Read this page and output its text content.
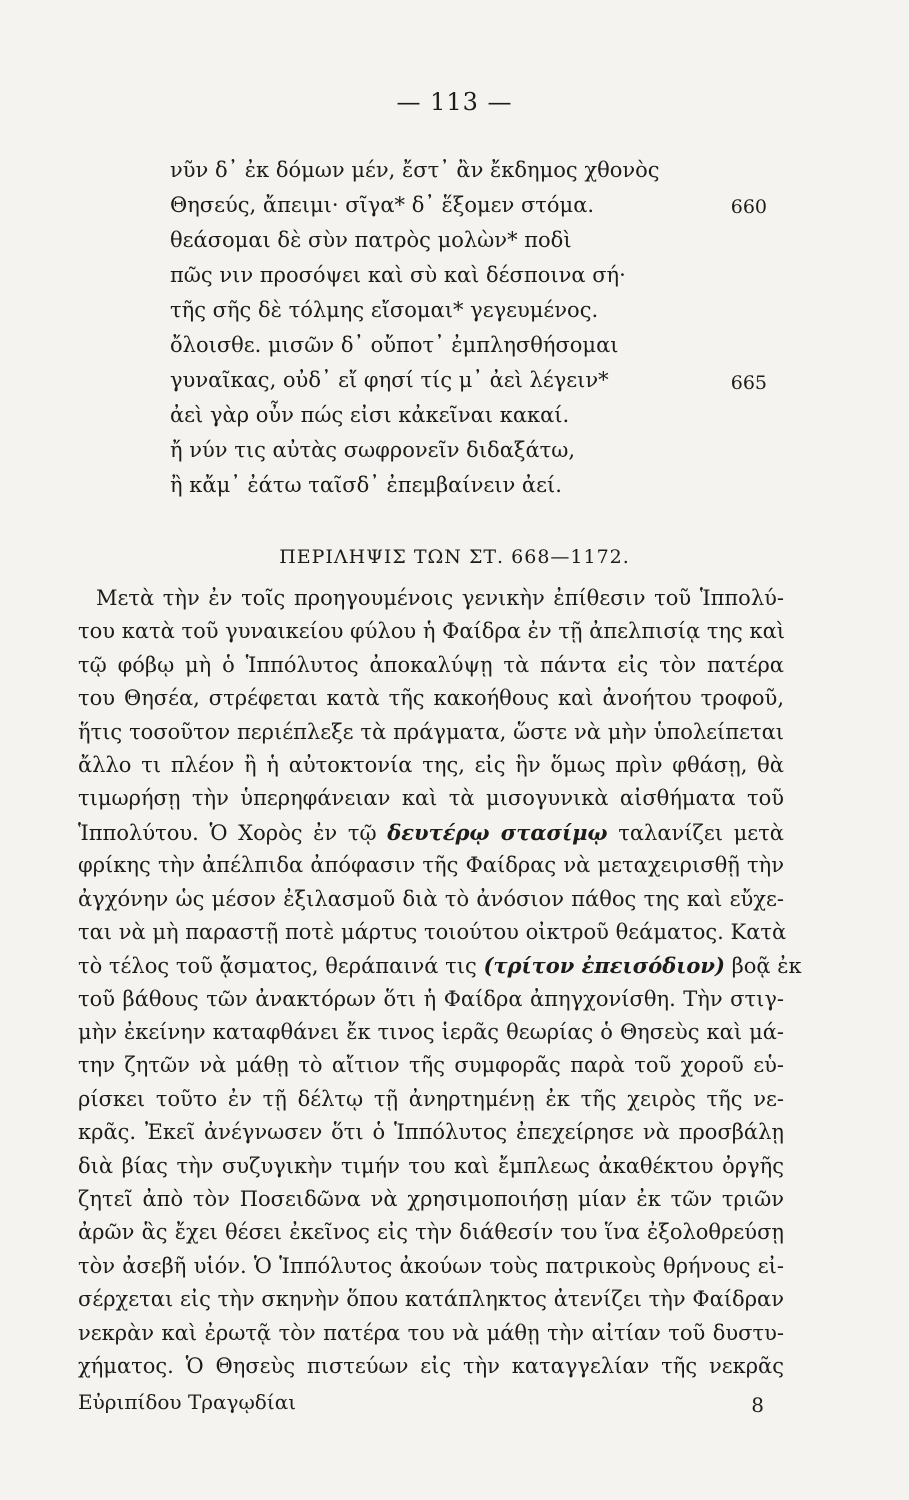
— 113 —
νῦν δ᾽ ἐκ δόμων μέν, ἔστ᾽ ἂν ἔκδημος χθονὸς
Θησεύς, ἄπειμι· σῖγα* δ᾽ ἕξομεν στόμα.
θεάσομαι δὲ σὺν πατρὸς μολὼν* ποδὶ
πῶς νιν προσόψει καὶ σὺ καὶ δέσποινα σή·
τῆς σῆς δὲ τόλμης εἴσομαι* γεγευμένος.
ὄλοισθε. μισῶν δ᾽ οὔποτ᾽ ἐμπλησθήσομαι
γυναῖκας, οὐδ᾽ εἴ φησί τίς μ᾽ ἀεὶ λέγειν*
ἀεὶ γὰρ οὖν πώς εἰσι κἀκεῖναι κακαί.
ἤ νύν τις αὐτὰς σωφρονεῖν διδαξάτω,
ἢ κἄμ᾽ ἐάτω ταῖσδ᾽ ἐπεμβαίνειν ἀεί.
660
665
ΠΕΡΙΛΗΨΙΣ ΤΩΝ ΣΤ. 668—1172.
Μετὰ τὴν ἐν τοῖς προηγουμένοις γενικὴν ἐπίθεσιν τοῦ Ἱππολύ-
του κατὰ τοῦ γυναικείου φύλου ἡ Φαίδρα ἐν τῇ ἀπελπισίᾳ της καὶ
τῷ φόβῳ μὴ ὁ Ἱππόλυτος ἀποκαλύψῃ τὰ πάντα εἰς τὸν πατέρα
του Θησέα, στρέφεται κατὰ τῆς κακοήθους καὶ ἀνοήτου τροφοῦ,
ἥτις τοσοῦτον περιέπλεξε τὰ πράγματα, ὥστε νὰ μὴν ὑπολείπεται
ἄλλο τι πλέον ἢ ἡ αὐτοκτονία της, εἰς ἣν ὅμως πρὶν φθάσῃ, θὰ
τιμωρήσῃ τὴν ὑπερηφάνειαν καὶ τὰ μισογυνικὰ αἰσθήματα τοῦ
Ἱππολύτου. Ὁ Χορὸς ἐν τῷ δευτέρῳ στασίμῳ ταλανίζει μετὰ
φρίκης τὴν ἀπέλπιδα ἀπόφασιν τῆς Φαίδρας νὰ μεταχειρισθῇ τὴν
ἀγχόνην ὡς μέσον ἐξιλασμοῦ διὰ τὸ ἀνόσιον πάθος της καὶ εὔχε-
ται νὰ μὴ παραστῇ ποτὲ μάρτυς τοιούτου οἰκτροῦ θεάματος. Κατὰ
τὸ τέλος τοῦ ᾄσματος, θεράπαινά τις (τρίτον ἐπεισόδιον) βοᾷ ἐκ
τοῦ βάθους τῶν ἀνακτόρων ὅτι ἡ Φαίδρα ἀπηγχονίσθη. Τὴν στιγ-
μὴν ἐκείνην καταφθάνει ἔκ τινος ἱερᾶς θεωρίας ὁ Θησεὺς καὶ μά-
την ζητῶν νὰ μάθῃ τὸ αἴτιον τῆς συμφορᾶς παρὰ τοῦ χοροῦ εὑ-
ρίσκει τοῦτο ἐν τῇ δέλτῳ τῇ ἀνηρτημένῃ ἐκ τῆς χειρὸς τῆς νε-
κρᾶς. Ἐκεῖ ἀνέγνωσεν ὅτι ὁ Ἱππόλυτος ἐπεχείρησε νὰ προσβάλῃ
διὰ βίας τὴν συζυγικὴν τιμήν του καὶ ἔμπλεως ἀκαθέκτου ὀργῆς
ζητεῖ ἀπὸ τὸν Ποσειδῶνα νὰ χρησιμοποιήσῃ μίαν ἐκ τῶν τριῶν
ἀρῶν ἃς ἔχει θέσει ἐκεῖνος εἰς τὴν διάθεσίν του ἵνα ἐξολοθρεύσῃ
τὸν ἀσεβῆ υἱόν. Ὁ Ἱππόλυτος ἀκούων τοὺς πατρικοὺς θρήνους εἰ-
σέρχεται εἰς τὴν σκηνὴν ὅπου κατάπληκτος ἀτενίζει τὴν Φαίδραν
νεκρὰν καὶ ἐρωτᾷ τὸν πατέρα του νὰ μάθῃ τὴν αἰτίαν τοῦ δυστυ-
χήματος. Ὁ Θησεὺς πιστεύων εἰς τὴν καταγγελίαν τῆς νεκρᾶς
Εὐριπίδου Τραγῳδίαι	8
